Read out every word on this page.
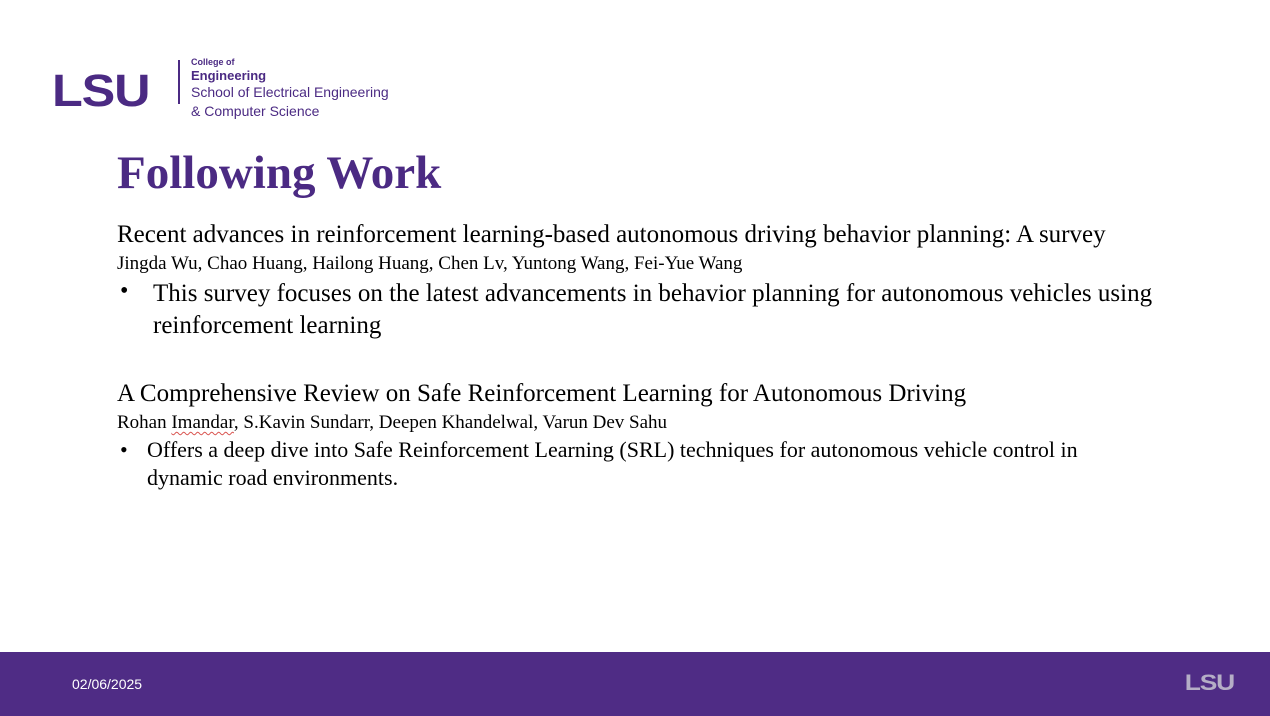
LSU
College of
Engineering
School of Electrical Engineering
& Computer Science
Following Work
Recent advances in reinforcement learning-based autonomous driving behavior planning: A survey
Jingda Wu, Chao Huang, Hailong Huang, Chen Lv, Yuntong Wang, Fei-Yue Wang
• This survey focuses on the latest advancements in behavior planning for autonomous vehicles using
reinforcement learning
A Comprehensive Review on Safe Reinforcement Learning for Autonomous Driving
Rohan Imandar, S.Kavin Sundarr, Deepen Khandelwal, Varun Dev Sahu
• Offers a deep dive into Safe Reinforcement Learning (SRL) techniques for autonomous vehicle control in
dynamic road environments.
02/06/2025	LSU
